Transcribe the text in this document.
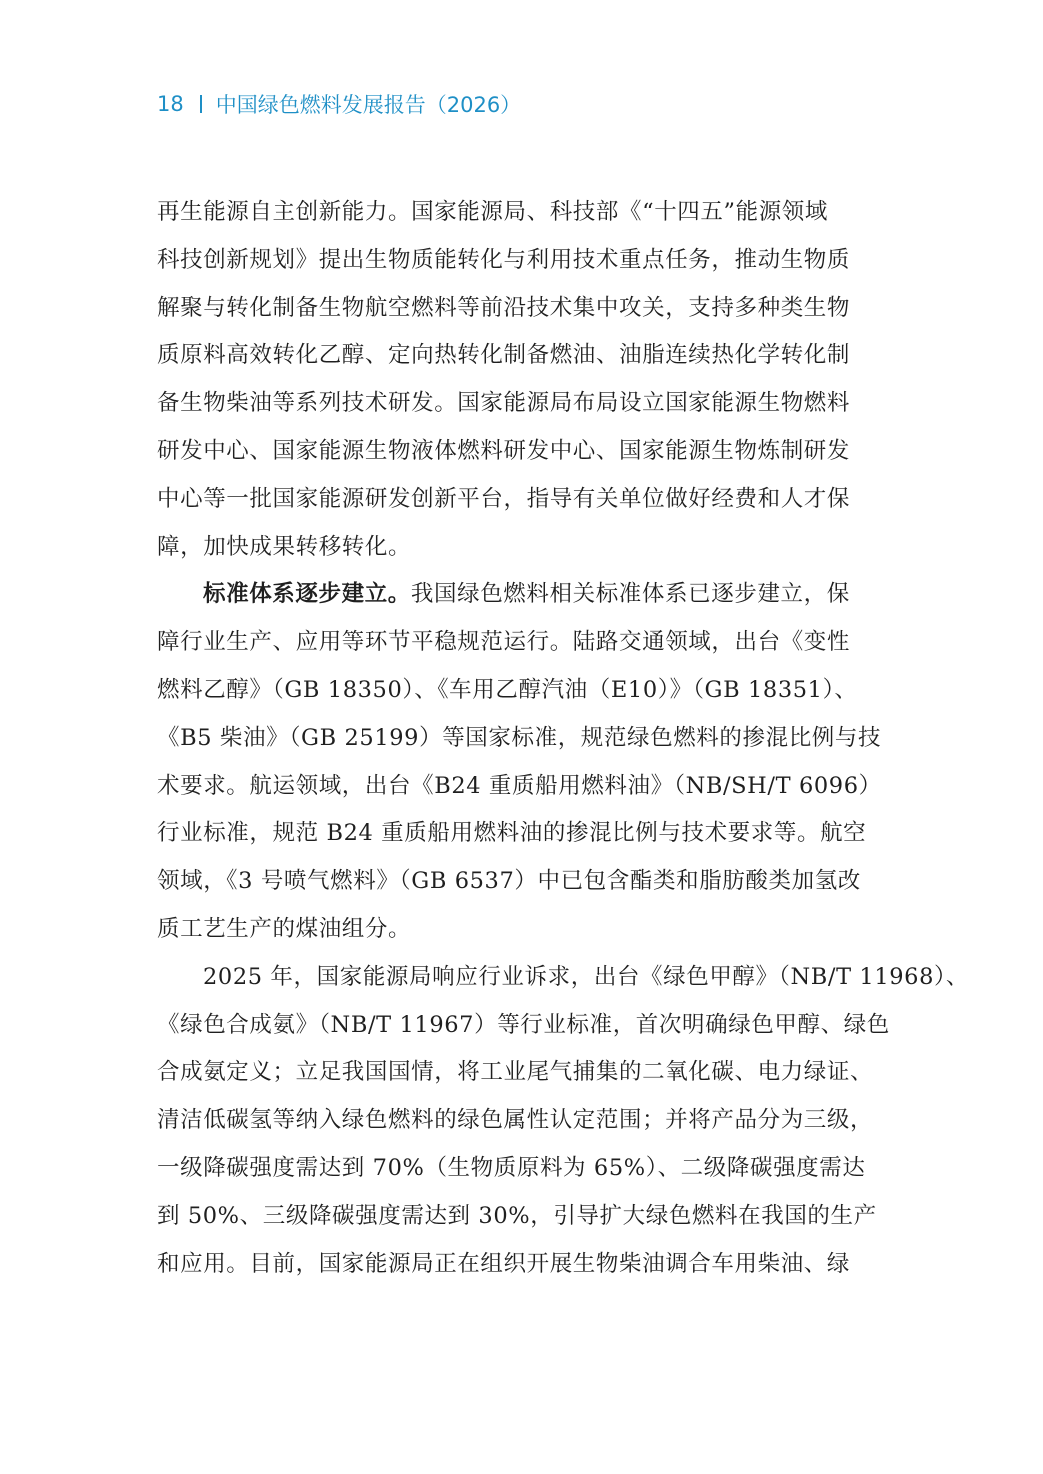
18 中国绿色燃料发展报告（2026）
再生能源自主创新能力。国家能源局、科技部《“十四五”能源领域
科技创新规划》提出生物质能转化与利用技术重点任务，推动生物质
解聚与转化制备生物航空燃料等前沿技术集中攻关，支持多种类生物
质原料高效转化乙醇、定向热转化制备燃油、油脂连续热化学转化制
备生物柴油等系列技术研发。国家能源局布局设立国家能源生物燃料
研发中心、国家能源生物液体燃料研发中心、国家能源生物炼制研发
中心等一批国家能源研发创新平台，指导有关单位做好经费和人才保
障，加快成果转移转化。
标准体系逐步建立。我国绿色燃料相关标准体系已逐步建立，保
障行业生产、应用等环节平稳规范运行。陆路交通领域，出台《变性
燃料乙醇》（GB 18350）、《车用乙醇汽油（E10）》（GB 18351）、
《B5 柴油》（GB 25199）等国家标准，规范绿色燃料的掺混比例与技
术要求。航运领域，出台《B24 重质船用燃料油》（NB/SH/T 6096）
行业标准，规范 B24 重质船用燃料油的掺混比例与技术要求等。航空
领域，《3 号喷气燃料》（GB 6537）中已包含酯类和脂肪酸类加氢改
质工艺生产的煤油组分。
2025 年，国家能源局响应行业诉求，出台《绿色甲醇》（NB/T 11968）、
《绿色合成氨》（NB/T 11967）等行业标准，首次明确绿色甲醇、绿色
合成氨定义；立足我国国情，将工业尾气捕集的二氧化碳、电力绿证、
清洁低碳氢等纳入绿色燃料的绿色属性认定范围；并将产品分为三级，
一级降碳强度需达到 70%（生物质原料为 65%）、二级降碳强度需达
到 50%、三级降碳强度需达到 30%，引导扩大绿色燃料在我国的生产
和应用。目前，国家能源局正在组织开展生物柴油调合车用柴油、绿
